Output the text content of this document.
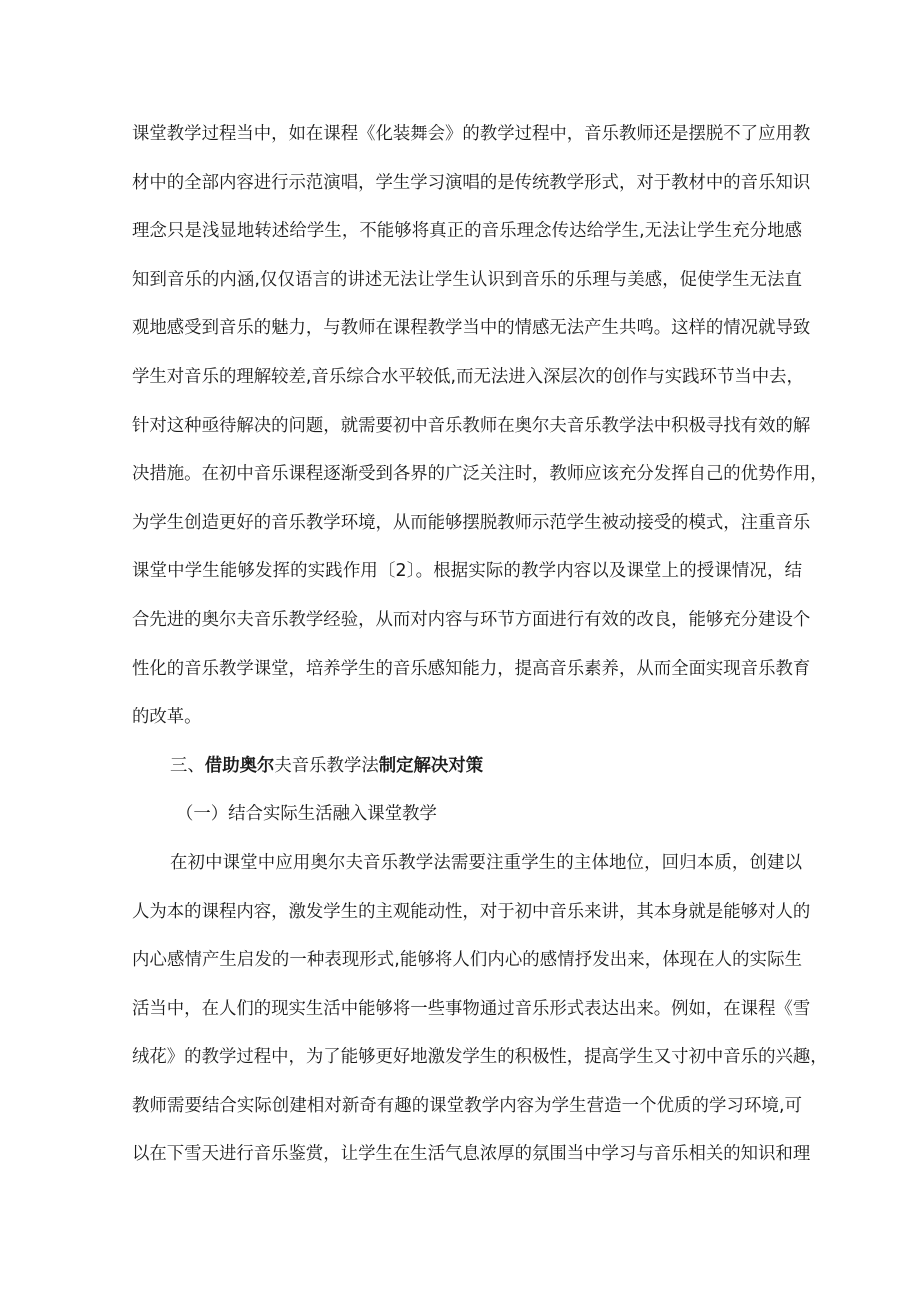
课堂教学过程当中，如在课程《化装舞会》的教学过程中，音乐教师还是摆脱不了应用教
材中的全部内容进行示范演唱，学生学习演唱的是传统教学形式，对于教材中的音乐知识
理念只是浅显地转述给学生，不能够将真正的音乐理念传达给学生,无法让学生充分地感
知到音乐的内涵,仅仅语言的讲述无法让学生认识到音乐的乐理与美感，促使学生无法直
观地感受到音乐的魅力，与教师在课程教学当中的情感无法产生共鸣。这样的情况就导致
学生对音乐的理解较差,音乐综合水平较低,而无法进入深层次的创作与实践环节当中去，
针对这种亟待解决的问题，就需要初中音乐教师在奥尔夫音乐教学法中积极寻找有效的解
决措施。在初中音乐课程逐渐受到各界的广泛关注时，教师应该充分发挥自己的优势作用，
为学生创造更好的音乐教学环境，从而能够摆脱教师示范学生被动接受的模式，注重音乐
课堂中学生能够发挥的实践作用〔2〕。根据实际的教学内容以及课堂上的授课情况，结
合先进的奥尔夫音乐教学经验，从而对内容与环节方面进行有效的改良，能够充分建设个
性化的音乐教学课堂，培养学生的音乐感知能力，提高音乐素养，从而全面实现音乐教育
的改革。
三、借助奥尔夫音乐教学法制定解决对策
（一）结合实际生活融入课堂教学
在初中课堂中应用奥尔夫音乐教学法需要注重学生的主体地位，回归本质，创建以
人为本的课程内容，激发学生的主观能动性，对于初中音乐来讲，其本身就是能够对人的
内心感情产生启发的一种表现形式,能够将人们内心的感情抒发出来，体现在人的实际生
活当中，在人们的现实生活中能够将一些事物通过音乐形式表达出来。例如，在课程《雪
绒花》的教学过程中，为了能够更好地激发学生的积极性，提高学生又寸初中音乐的兴趣，
教师需要结合实际创建相对新奇有趣的课堂教学内容为学生营造一个优质的学习环境,可
以在下雪天进行音乐鉴赏，让学生在生活气息浓厚的氛围当中学习与音乐相关的知识和理
